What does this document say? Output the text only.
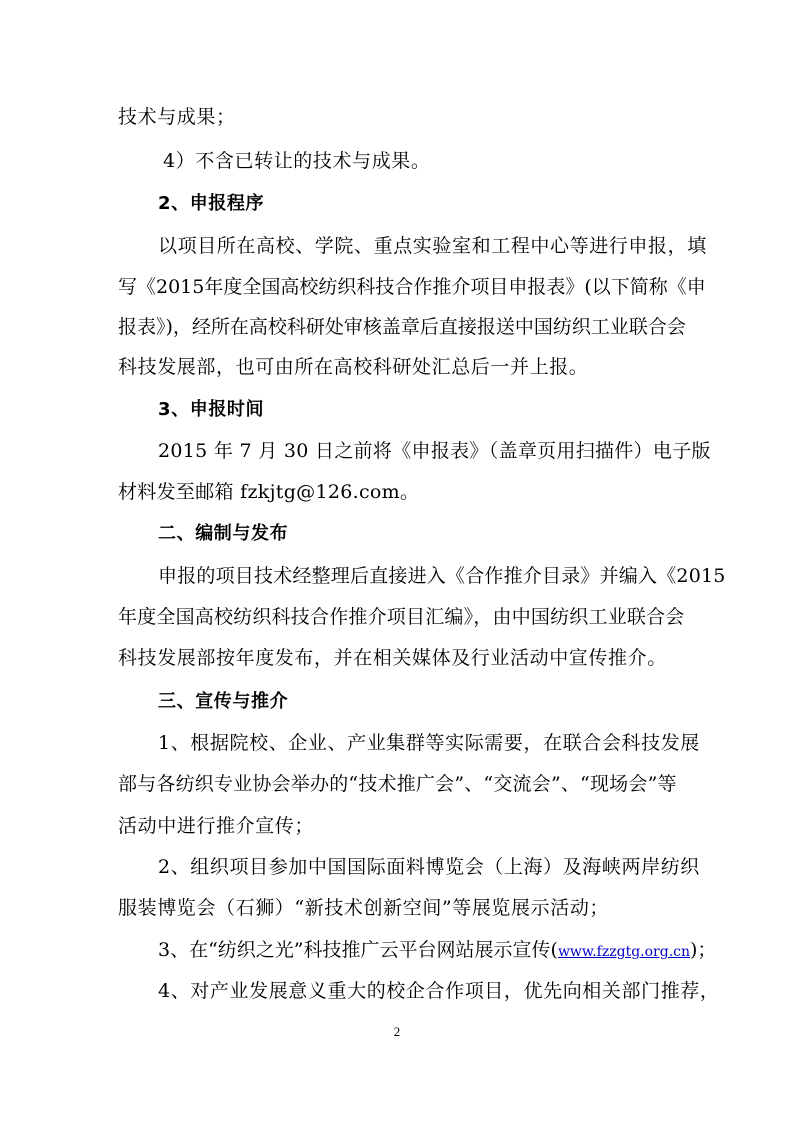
技术与成果；
4）不含已转让的技术与成果。
2、申报程序
以项目所在高校、学院、重点实验室和工程中心等进行申报，填
写《2015年度全国高校纺织科技合作推介项目申报表》(以下简称《申
报表》)，经所在高校科研处审核盖章后直接报送中国纺织工业联合会
科技发展部，也可由所在高校科研处汇总后一并上报。
3、申报时间
2015 年 7 月 30 日之前将《申报表》（盖章页用扫描件）电子版
材料发至邮箱 fzkjtg@126.com。
二、编制与发布
申报的项目技术经整理后直接进入《合作推介目录》并编入《2015
年度全国高校纺织科技合作推介项目汇编》，由中国纺织工业联合会
科技发展部按年度发布，并在相关媒体及行业活动中宣传推介。
三、宣传与推介
1、根据院校、企业、产业集群等实际需要，在联合会科技发展
部与各纺织专业协会举办的“技术推广会”、“交流会”、“现场会”等
活动中进行推介宣传；
2、组织项目参加中国国际面料博览会（上海）及海峡两岸纺织
服装博览会（石狮）“新技术创新空间”等展览展示活动；
3、在“纺织之光”科技推广云平台网站展示宣传(www.fzzgtg.org.cn)；
4、对产业发展意义重大的校企合作项目，优先向相关部门推荐，
2
